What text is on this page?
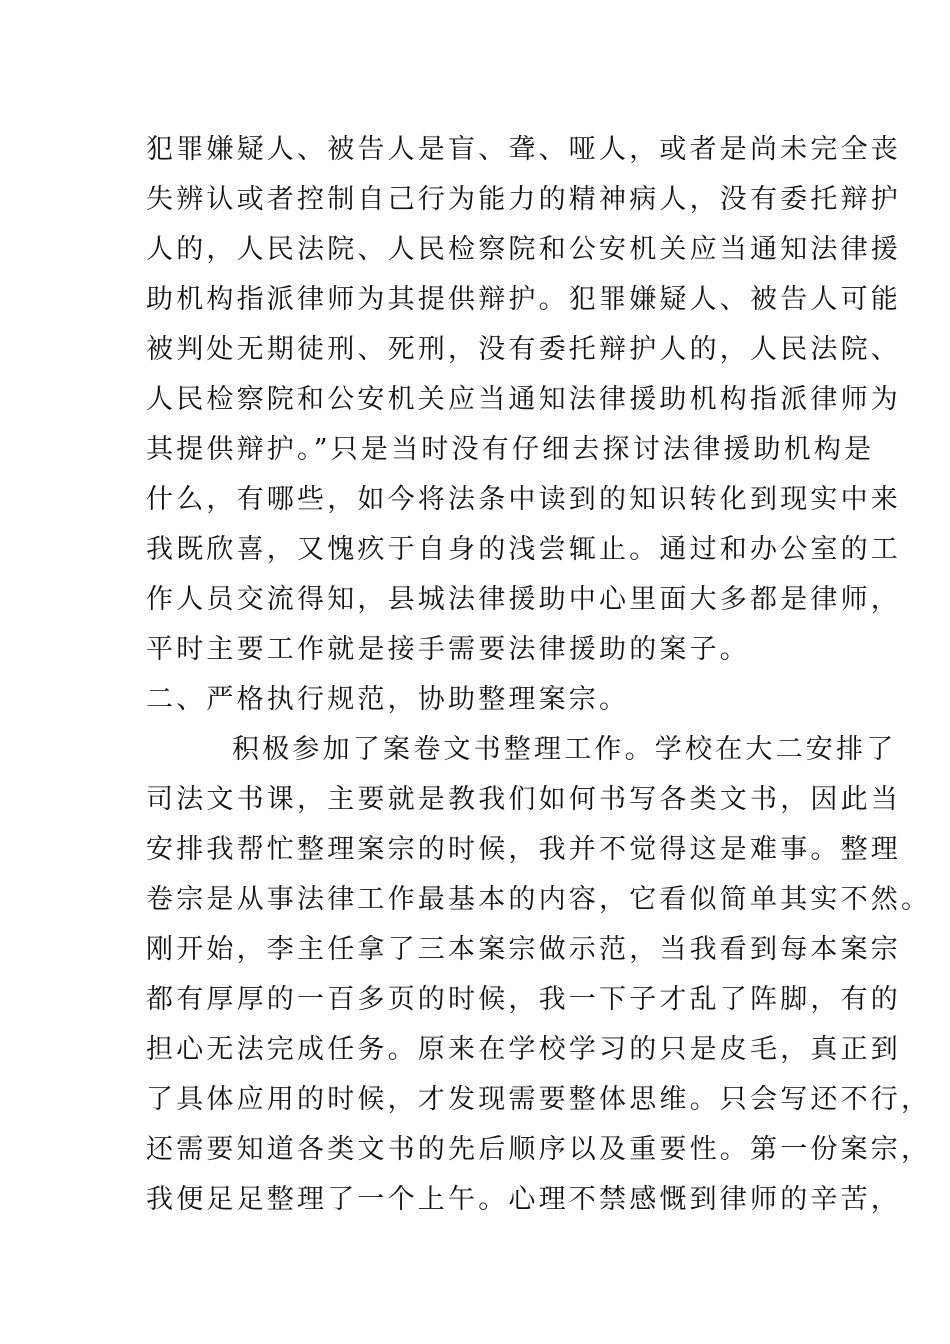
犯罪嫌疑人、被告人是盲、聋、哑人，或者是尚未完全丧
失辨认或者控制自己行为能力的精神病人，没有委托辩护
人的，人民法院、人民检察院和公安机关应当通知法律援
助机构指派律师为其提供辩护。犯罪嫌疑人、被告人可能
被判处无期徒刑、死刑，没有委托辩护人的，人民法院、
人民检察院和公安机关应当通知法律援助机构指派律师为
其提供辩护。”只是当时没有仔细去探讨法律援助机构是
什么，有哪些，如今将法条中读到的知识转化到现实中来
我既欣喜，又愧疚于自身的浅尝辄止。通过和办公室的工
作人员交流得知，县城法律援助中心里面大多都是律师，
平时主要工作就是接手需要法律援助的案子。
二、严格执行规范，协助整理案宗。
积极参加了案卷文书整理工作。学校在大二安排了
司法文书课，主要就是教我们如何书写各类文书，因此当
安排我帮忙整理案宗的时候，我并不觉得这是难事。整理
卷宗是从事法律工作最基本的内容，它看似简单其实不然。
刚开始，李主任拿了三本案宗做示范，当我看到每本案宗
都有厚厚的一百多页的时候，我一下子才乱了阵脚，有的
担心无法完成任务。原来在学校学习的只是皮毛，真正到
了具体应用的时候，才发现需要整体思维。只会写还不行，
还需要知道各类文书的先后顺序以及重要性。第一份案宗，
我便足足整理了一个上午。心理不禁感慨到律师的辛苦，
